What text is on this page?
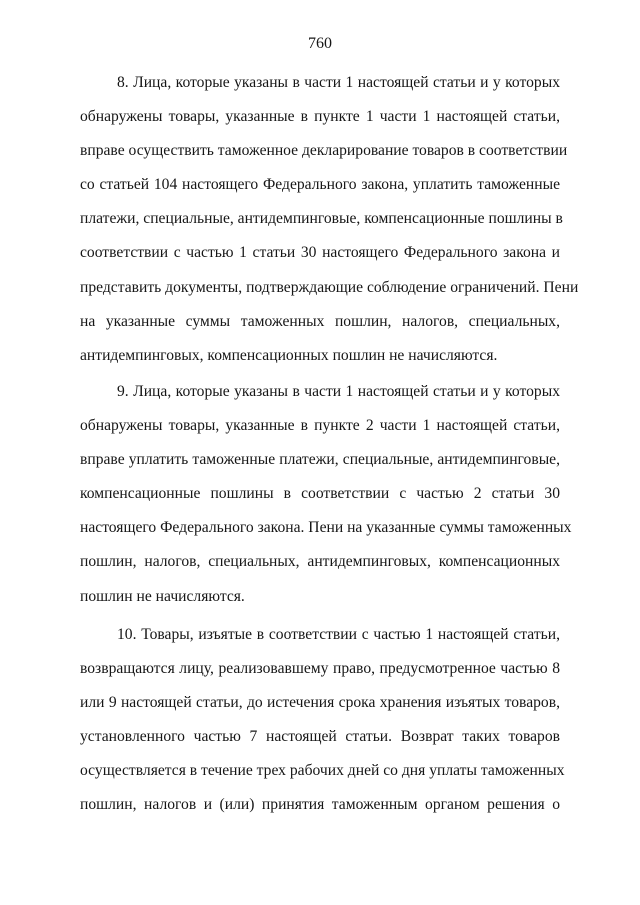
760
8. Лица, которые указаны в части 1 настоящей статьи и у которых
обнаружены товары, указанные в пункте 1 части 1 настоящей статьи,
вправе осуществить таможенное декларирование товаров в соответствии
со статьей 104 настоящего Федерального закона, уплатить таможенные
платежи, специальные, антидемпинговые, компенсационные пошлины в
соответствии с частью 1 статьи 30 настоящего Федерального закона и
представить документы, подтверждающие соблюдение ограничений. Пени
на указанные суммы таможенных пошлин, налогов, специальных,
антидемпинговых, компенсационных пошлин не начисляются.
9. Лица, которые указаны в части 1 настоящей статьи и у которых
обнаружены товары, указанные в пункте 2 части 1 настоящей статьи,
вправе уплатить таможенные платежи, специальные, антидемпинговые,
компенсационные пошлины в соответствии с частью 2 статьи 30
настоящего Федерального закона. Пени на указанные суммы таможенных
пошлин, налогов, специальных, антидемпинговых, компенсационных
пошлин не начисляются.
10. Товары, изъятые в соответствии с частью 1 настоящей статьи,
возвращаются лицу, реализовавшему право, предусмотренное частью 8
или 9 настоящей статьи, до истечения срока хранения изъятых товаров,
установленного частью 7 настоящей статьи. Возврат таких товаров
осуществляется в течение трех рабочих дней со дня уплаты таможенных
пошлин, налогов и (или) принятия таможенным органом решения о
